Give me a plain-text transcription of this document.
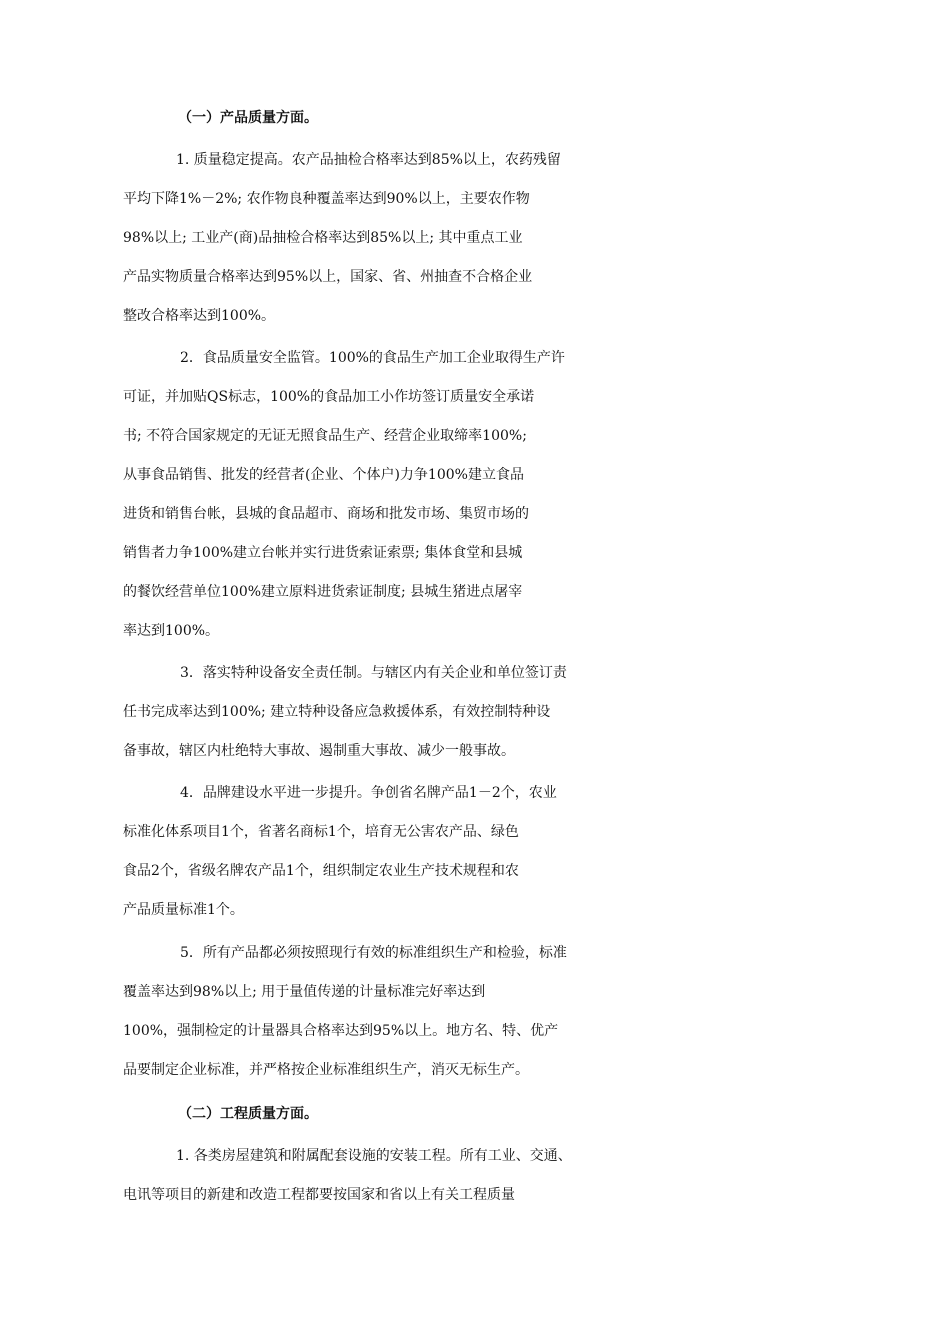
（一）产品质量方面。

1. 质量稳定提高。农产品抽检合格率达到85%以上，农药残留

平均下降1%－2%; 农作物良种覆盖率达到90%以上，主要农作物

98%以上; 工业产(商)品抽检合格率达到85%以上; 其中重点工业

产品实物质量合格率达到95%以上，国家、省、州抽查不合格企业

整改合格率达到100%。

2．食品质量安全监管。100%的食品生产加工企业取得生产许

可证，并加贴QS标志，100%的食品加工小作坊签订质量安全承诺

书; 不符合国家规定的无证无照食品生产、经营企业取缔率100%;

从事食品销售、批发的经营者(企业、个体户)力争100%建立食品

进货和销售台帐，县城的食品超市、商场和批发市场、集贸市场的

销售者力争100%建立台帐并实行进货索证索票; 集体食堂和县城

的餐饮经营单位100%建立原料进货索证制度; 县城生猪进点屠宰

率达到100%。

3．落实特种设备安全责任制。与辖区内有关企业和单位签订责

任书完成率达到100%; 建立特种设备应急救援体系，有效控制特种设

备事故，辖区内杜绝特大事故、遏制重大事故、减少一般事故。

4．品牌建设水平进一步提升。争创省名牌产品1－2个，农业

标准化体系项目1个，省著名商标1个，培育无公害农产品、绿色

食品2个，省级名牌农产品1个，组织制定农业生产技术规程和农

产品质量标准1个。

5．所有产品都必须按照现行有效的标准组织生产和检验，标准

覆盖率达到98%以上; 用于量值传递的计量标准完好率达到

100%，强制检定的计量器具合格率达到95%以上。地方名、特、优产

品要制定企业标准，并严格按企业标准组织生产，消灭无标生产。

（二）工程质量方面。

1. 各类房屋建筑和附属配套设施的安装工程。所有工业、交通、

电讯等项目的新建和改造工程都要按国家和省以上有关工程质量
